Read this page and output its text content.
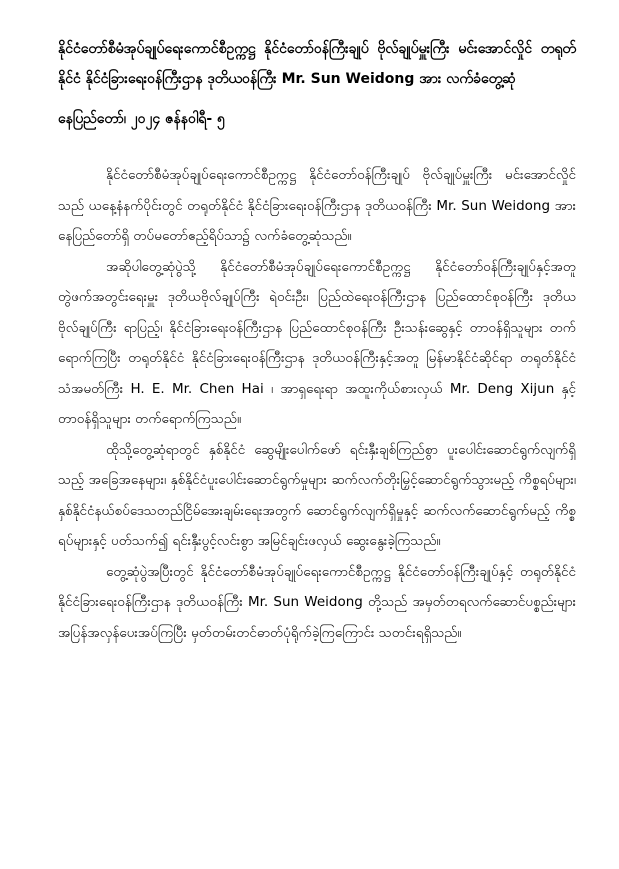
နိုင်ငံတော်စီမံအုပ်ချုပ်ရေးကောင်စီဥက္ကဋ္ဌ နိုင်ငံတော်ဝန်ကြီးချုပ် ဗိုလ်ချုပ်မှူးကြီး မင်းအောင်လှိုင် တရုတ်နိုင်ငံ နိုင်ငံခြားရေးဝန်ကြီးဌာန ဒုတိယဝန်ကြီး Mr. Sun Weidong အား လက်ခံတွေ့ဆုံ

နေပြည်တော်၊ ၂၀၂၄ ဇန်နဝါရီ- ၅

နိုင်ငံတော်စီမံအုပ်ချုပ်ရေးကောင်စီဥက္ကဋ္ဌ နိုင်ငံတော်ဝန်ကြီးချုပ် ဗိုလ်ချုပ်မှူးကြီး မင်းအောင်လှိုင် သည် ယနေ့နံနက်ပိုင်းတွင် တရုတ်နိုင်ငံ နိုင်ငံခြားရေးဝန်ကြီးဌာန ဒုတိယဝန်ကြီး Mr. Sun Weidong အား နေပြည်တော်ရှိ တပ်မတော်ဧည့်ရိပ်သာ၌ လက်ခံတွေ့ဆုံသည်။

အဆိုပါတွေ့ဆုံပွဲသို့ နိုင်ငံတော်စီမံအုပ်ချုပ်ရေးကောင်စီဥက္ကဋ္ဌ နိုင်ငံတော်ဝန်ကြီးချုပ်နှင့်အတူ တွဲဖက်အတွင်းရေးမှူး ဒုတိယဗိုလ်ချုပ်ကြီး ရဲဝင်းဦး၊ ပြည်ထဲရေးဝန်ကြီးဌာန ပြည်ထောင်စုဝန်ကြီး ဒုတိယဗိုလ်ချုပ်ကြီး ရာပြည့်၊ နိုင်ငံခြားရေးဝန်ကြီးဌာန ပြည်ထောင်စုဝန်ကြီး ဦးသန်းဆွေနှင့် တာဝန်ရှိသူများ တက်ရောက်ကြပြီး တရုတ်နိုင်ငံ နိုင်ငံခြားရေးဝန်ကြီးဌာန ဒုတိယဝန်ကြီးနှင့်အတူ မြန်မာနိုင်ငံဆိုင်ရာ တရုတ်နိုင်ငံ သံအမတ်ကြီး H. E. Mr. Chen Hai ၊ အာရှရေးရာ အထူးကိုယ်စားလှယ် Mr. Deng Xijun နှင့် တာဝန်ရှိသူများ တက်ရောက်ကြသည်။

ထိုသို့တွေ့ဆုံရာတွင် နှစ်နိုင်ငံ ဆွေမျိုးပေါက်ဖော် ရင်းနှီးချစ်ကြည်စွာ ပူးပေါင်းဆောင်ရွက်လျက်ရှိသည့် အခြေအနေများ၊ နှစ်နိုင်ငံပူးပေါင်းဆောင်ရွက်မှုများ ဆက်လက်တိုးမြှင့်ဆောင်ရွက်သွားမည့် ကိစ္စရပ်များ၊ နှစ်နိုင်ငံနယ်စပ်ဒေသတည်ငြိမ်အေးချမ်းရေးအတွက် ဆောင်ရွက်လျက်ရှိမှုနှင့် ဆက်လက်ဆောင်ရွက်မည့် ကိစ္စရပ်များနှင့် ပတ်သက်၍ ရင်းနှီးပွင့်လင်းစွာ အမြင်ချင်းဖလှယ် ဆွေးနွေးခဲ့ကြသည်။

တွေ့ဆုံပွဲအပြီးတွင် နိုင်ငံတော်စီမံအုပ်ချုပ်ရေးကောင်စီဥက္ကဋ္ဌ နိုင်ငံတော်ဝန်ကြီးချုပ်နှင့် တရုတ်နိုင်ငံ နိုင်ငံခြားရေးဝန်ကြီးဌာန ဒုတိယဝန်ကြီး Mr. Sun Weidong တို့သည် အမှတ်တရလက်ဆောင်ပစ္စည်းများ အပြန်အလှန်ပေးအပ်ကြပြီး မှတ်တမ်းတင်ဓာတ်ပုံရိုက်ခဲ့ကြကြောင်း သတင်းရရှိသည်။
